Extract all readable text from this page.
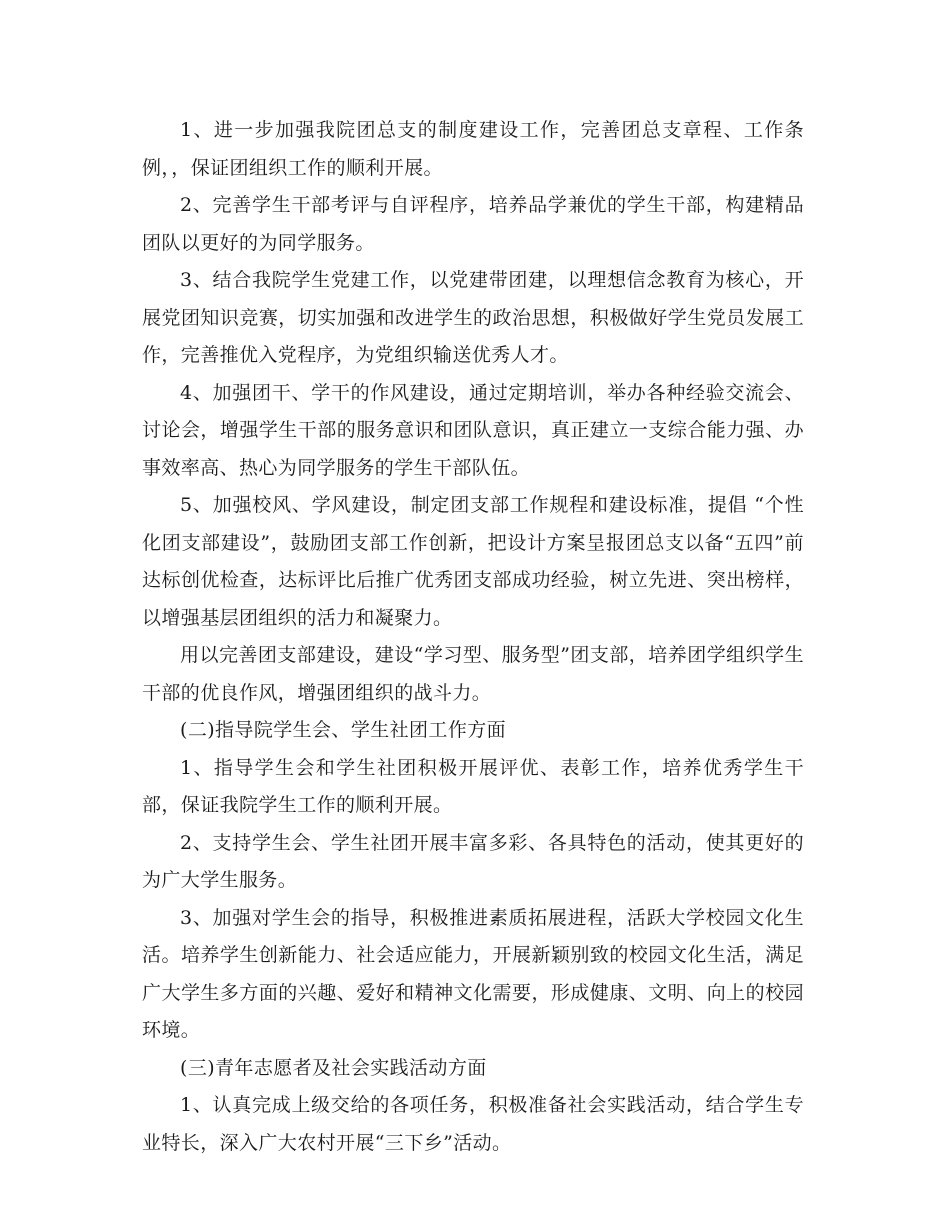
1、进一步加强我院团总支的制度建设工作，完善团总支章程、工作条例，，保证团组织工作的顺利开展。

2、完善学生干部考评与自评程序，培养品学兼优的学生干部，构建精品团队以更好的为同学服务。

3、结合我院学生党建工作，以党建带团建，以理想信念教育为核心，开展党团知识竞赛，切实加强和改进学生的政治思想，积极做好学生党员发展工作，完善推优入党程序，为党组织输送优秀人才。

4、加强团干、学干的作风建设，通过定期培训，举办各种经验交流会、讨论会，增强学生干部的服务意识和团队意识，真正建立一支综合能力强、办事效率高、热心为同学服务的学生干部队伍。

5、加强校风、学风建设，制定团支部工作规程和建设标准，提倡 “个性化团支部建设”，鼓励团支部工作创新，把设计方案呈报团总支以备“五四”前达标创优检查，达标评比后推广优秀团支部成功经验，树立先进、突出榜样，以增强基层团组织的活力和凝聚力。

用以完善团支部建设，建设“学习型、服务型”团支部，培养团学组织学生干部的优良作风，增强团组织的战斗力。

(二)指导院学生会、学生社团工作方面

1、指导学生会和学生社团积极开展评优、表彰工作，培养优秀学生干部，保证我院学生工作的顺利开展。

2、支持学生会、学生社团开展丰富多彩、各具特色的活动，使其更好的为广大学生服务。

3、加强对学生会的指导，积极推进素质拓展进程，活跃大学校园文化生活。培养学生创新能力、社会适应能力，开展新颖别致的校园文化生活，满足广大学生多方面的兴趣、爱好和精神文化需要，形成健康、文明、向上的校园环境。

(三)青年志愿者及社会实践活动方面

1、认真完成上级交给的各项任务，积极准备社会实践活动，结合学生专业特长，深入广大农村开展“三下乡”活动。
